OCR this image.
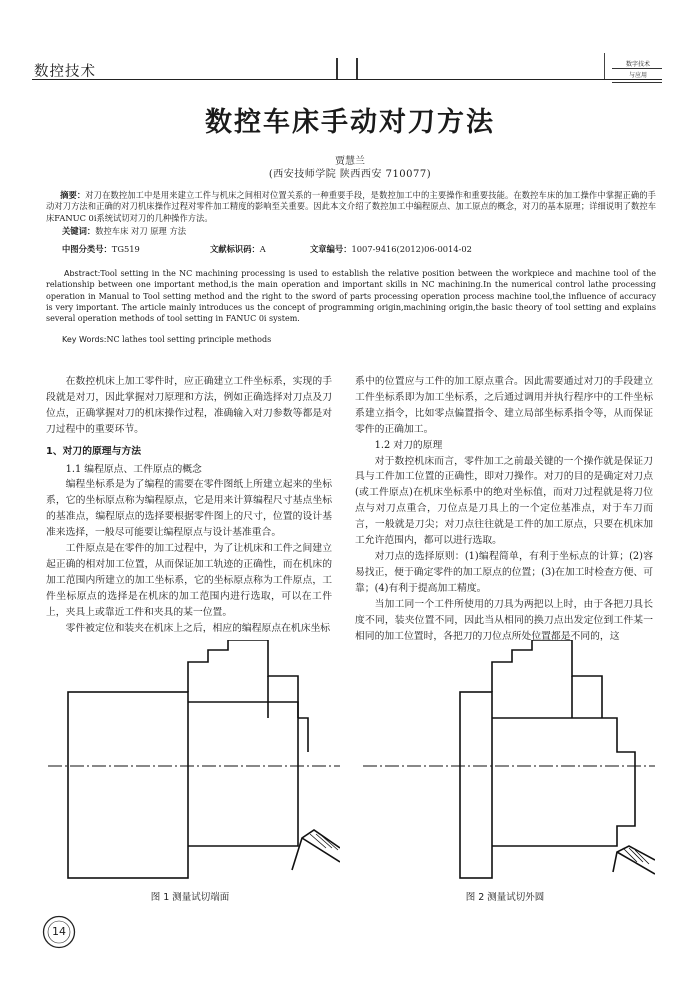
数控技术	数字技术
与应用
数控车床手动对刀方法
贾慧兰
(西安技师学院 陕西西安 710077)
摘要：对刀在数控加工中是用来建立工件与机床之间相对位置关系的一种重要手段，是数控加工中的主要操作和重要技能。在数控车床的加工操作中掌握正确的手动对刀方法和正确的对刀机床操作过程对零件加工精度的影响至关重要。因此本文介绍了数控加工中编程原点、加工原点的概念，对刀的基本原理；详细说明了数控车床FANUC 0i系统试切对刀的几种操作方法。
关键词：数控车床 对刀 原理 方法
中图分类号：TG519	文献标识码：A	文章编号：1007-9416(2012)06-0014-02
Abstract:Tool setting in the NC machining processing is used to establish the relative position between the workpiece and machine tool of the relationship between one important method,is the main operation and important skills in NC machining.In the numerical control lathe processing operation in Manual to Tool setting method and the right to the sword of parts processing operation process machine tool,the influence of accuracy is very important. The article mainly introduces us the concept of programming origin,machining origin,the basic theory of tool setting and explains several operation methods of tool setting in FANUC 0i system.
Key Words:NC lathes tool setting principle methods

在数控机床上加工零件时，应正确建立工件坐标系，实现的手段就是对刀，因此掌握对刀原理和方法，例如正确选择对刀点及刀位点，正确掌握对刀的机床操作过程，准确输入对刀参数等都是对刀过程中的重要环节。

1、对刀的原理与方法

1.1 编程原点、工件原点的概念

编程坐标系是为了编程的需要在零件图纸上所建立起来的坐标系，它的坐标原点称为编程原点，它是用来计算编程尺寸基点坐标的基准点，编程原点的选择要根据零件图上的尺寸，位置的设计基准来选择，一般尽可能要让编程原点与设计基准重合。

工件原点是在零件的加工过程中，为了让机床和工件之间建立起正确的相对加工位置，从而保证加工轨迹的正确性，而在机床的加工范围内所建立的加工坐标系，它的坐标原点称为工件原点，工件坐标原点的选择是在机床的加工范围内进行选取，可以在工件上，夹具上或靠近工件和夹具的某一位置。

零件被定位和装夹在机床上之后，相应的编程原点在机床坐标

系中的位置应与工件的加工原点重合。因此需要通过对刀的手段建立工件坐标系即为加工坐标系，之后通过调用并执行程序中的工件坐标系建立指令，比如零点偏置指令、建立局部坐标系指令等，从而保证零件的正确加工。

1.2 对刀的原理

对于数控机床而言，零件加工之前最关键的一个操作就是保证刀具与工件加工位置的正确性，即对刀操作。对刀的目的是确定对刀点(或工件原点)在机床坐标系中的绝对坐标值，而对刀过程就是将刀位点与对刀点重合，刀位点是刀具上的一个定位基准点，对于车刀而言，一般就是刀尖；对刀点往往就是工件的加工原点，只要在机床加工允许范围内，都可以进行选取。

对刀点的选择原则：(1)编程简单，有利于坐标点的计算；(2)容易找正，便于确定零件的加工原点的位置；(3)在加工时检查方便、可靠；(4)有利于提高加工精度。

当加工同一个工件所使用的刀具为两把以上时，由于各把刀具长度不同，装夹位置不同，因此当从相同的换刀点出发定位到工件某一相同的加工位置时，各把刀的刀位点所处位置都是不同的，这

图 1 测量试切端面	图 2 测量试切外圆
14
